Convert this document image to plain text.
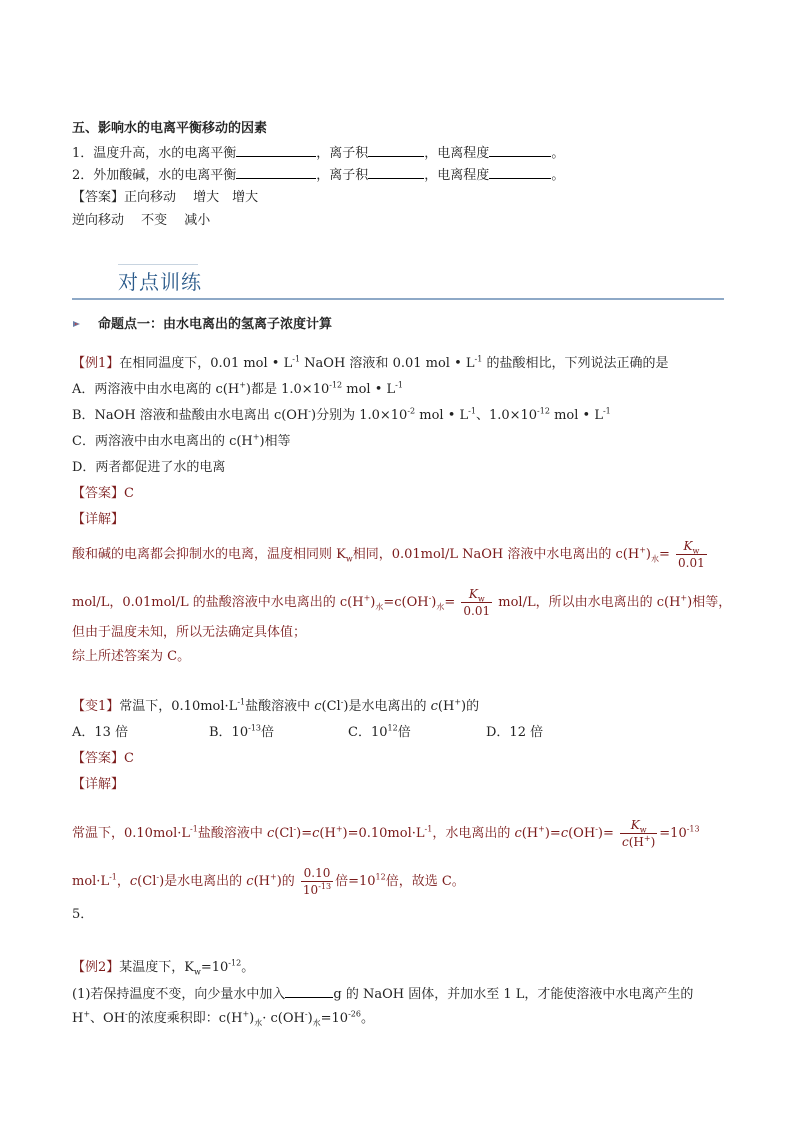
五、影响水的电离平衡移动的因素
1．温度升高，水的电离平衡	，离子积	，电离程度	。
2．外加酸碱，水的电离平衡	，离子积	，电离程度	。
【答案】正向移动　 增大　增大
逆向移动　 不变　 减小
对点训练
命题点一：由水电离出的氢离子浓度计算
【例1】在相同温度下，0.01 mol • $L^{-1}$ NaOH 溶液和 0.01 mol • $L^{-1}$ 的盐酸相比，下列说法正确的是
A．两溶液中由水电离的 c(H+)都是 $1.0\times 10^{-12}$ mol • $L^{-1}$
B．NaOH 溶液和盐酸由水电离出 c(OH-)分别为 $1.0\times 10^{-2}$ mol • $L^{-1}$、$1.0\times 10^{-12}$ mol • $L^{-1}$
C．两溶液中由水电离出的 c(H+)相等
D．两者都促进了水的电离
【答案】C
【详解】
酸和碱的电离都会抑制水的电离，温度相同则 $K_w$相同，0.01mol/L NaOH 溶液中水电离出的 $c(H^+)_水= \frac{K_w}{0.01}$
mol/L，0.01mol/L 的盐酸溶液中水电离出的 $c(H^+)_水=c(OH^-)_水= \frac{K_w}{0.01} mol/L$，所以由水电离出的 c(H+)相等，
但由于温度未知，所以无法确定具体值；
综上所述答案为 C。
【变1】常温下，$0.10mol\cdot L^{-1}$盐酸溶液中 c(Cl-)是水电离出的 c(H+)的
A．13 倍	B．$10^{-13}$倍	C．$10^{12}$倍	D．12 倍
【答案】C
【详解】
常温下，$0.10mol\cdot L^{-1}$盐酸溶液中 $c(Cl^-)=c(H^+)=0.10mol\cdot L^{-1}$，水电离出的 $c(H^+)=c(OH^-)= \frac{K_w}{c(H^+)} =10^{-13}$
$mol\cdot L^{-1}$，c(Cl-)是水电离出的 c(H+)的 $\frac{0.10}{10^{-13}}$ 倍$=10^{12}$倍，故选 C。
5．
【例2】某温度下，$K_w=10^{-12}$。
(1)若保持温度不变，向少量水中加入	g 的 NaOH 固体，并加水至 1 L，才能使溶液中水电离产生的
H+、OH-的浓度乘积即：$c(H^+)_水\cdot c(OH^-)_水=10^{-26}$。
